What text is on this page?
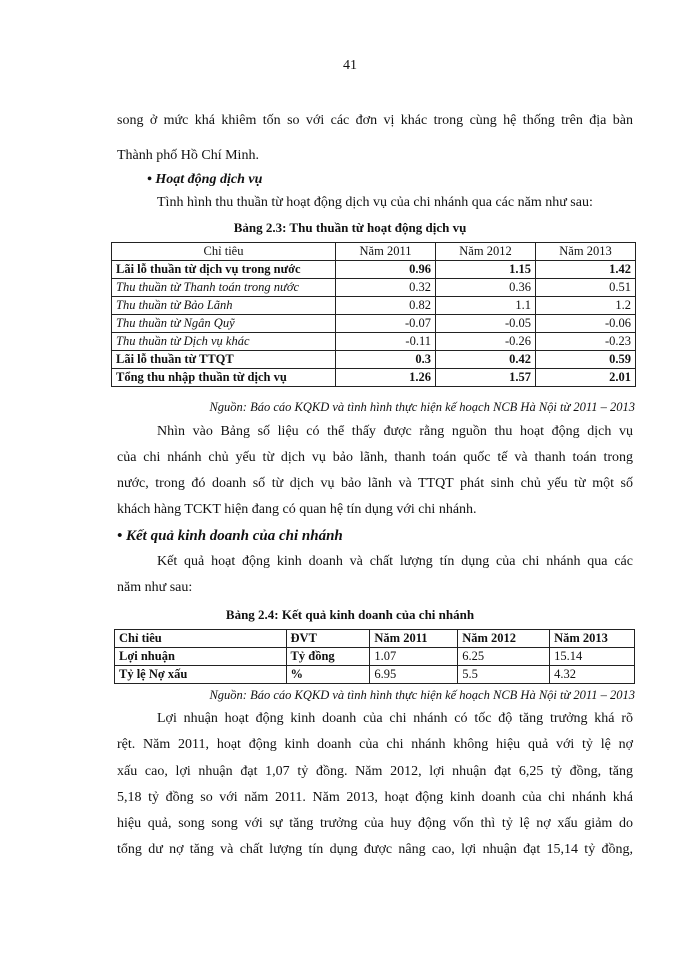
41
song ở mức khá khiêm tốn so với các đơn vị khác trong cùng hệ thống trên địa bàn
Thành phố Hồ Chí Minh.
• Hoạt động dịch vụ
Tình hình thu thuần từ hoạt động dịch vụ của chi nhánh qua các năm như sau:
Bảng 2.3: Thu thuần từ hoạt động dịch vụ
Chỉ tiêu	Năm 2011	Năm 2012	Năm 2013
Lãi lỗ thuần từ dịch vụ trong nước	0.96	1.15	1.42
Thu thuần từ Thanh toán trong nước	0.32	0.36	0.51
Thu thuần từ Bảo Lãnh	0.82	1.1	1.2
Thu thuần từ Ngân Quỹ	-0.07	-0.05	-0.06
Thu thuần từ Dịch vụ khác	-0.11	-0.26	-0.23
Lãi lỗ thuần từ TTQT	0.3	0.42	0.59
Tổng thu nhập thuần từ dịch vụ	1.26	1.57	2.01
Nguồn: Báo cáo KQKD và tình hình thực hiện kế hoạch NCB Hà Nội từ 2011 – 2013
Nhìn vào Bảng số liệu có thể thấy được rằng nguồn thu hoạt động dịch vụ
của chi nhánh chủ yếu từ dịch vụ bảo lãnh, thanh toán quốc tế và thanh toán trong
nước, trong đó doanh số từ dịch vụ bảo lãnh và TTQT phát sinh chủ yếu từ một số
khách hàng TCKT hiện đang có quan hệ tín dụng với chi nhánh.
• Kết quả kinh doanh của chi nhánh
Kết quả hoạt động kinh doanh và chất lượng tín dụng của chi nhánh qua các
năm như sau:
Bảng 2.4: Kết quả kinh doanh của chi nhánh
Chỉ tiêu	ĐVT	Năm 2011	Năm 2012	Năm 2013
Lợi nhuận	Tỷ đồng	1.07	6.25	15.14
Tỷ lệ Nợ xấu	%	6.95	5.5	4.32
Nguồn: Báo cáo KQKD và tình hình thực hiện kế hoạch NCB Hà Nội từ 2011 – 2013
Lợi nhuận hoạt động kinh doanh của chi nhánh có tốc độ tăng trưởng khá rõ
rệt. Năm 2011, hoạt động kinh doanh của chi nhánh không hiệu quả với tỷ lệ nợ
xấu cao, lợi nhuận đạt 1,07 tỷ đồng. Năm 2012, lợi nhuận đạt 6,25 tỷ đồng, tăng
5,18 tỷ đồng so với năm 2011. Năm 2013, hoạt động kinh doanh của chi nhánh khá
hiệu quả, song song với sự tăng trưởng của huy động vốn thì tỷ lệ nợ xấu giảm do
tổng dư nợ tăng và chất lượng tín dụng được nâng cao, lợi nhuận đạt 15,14 tỷ đồng,
